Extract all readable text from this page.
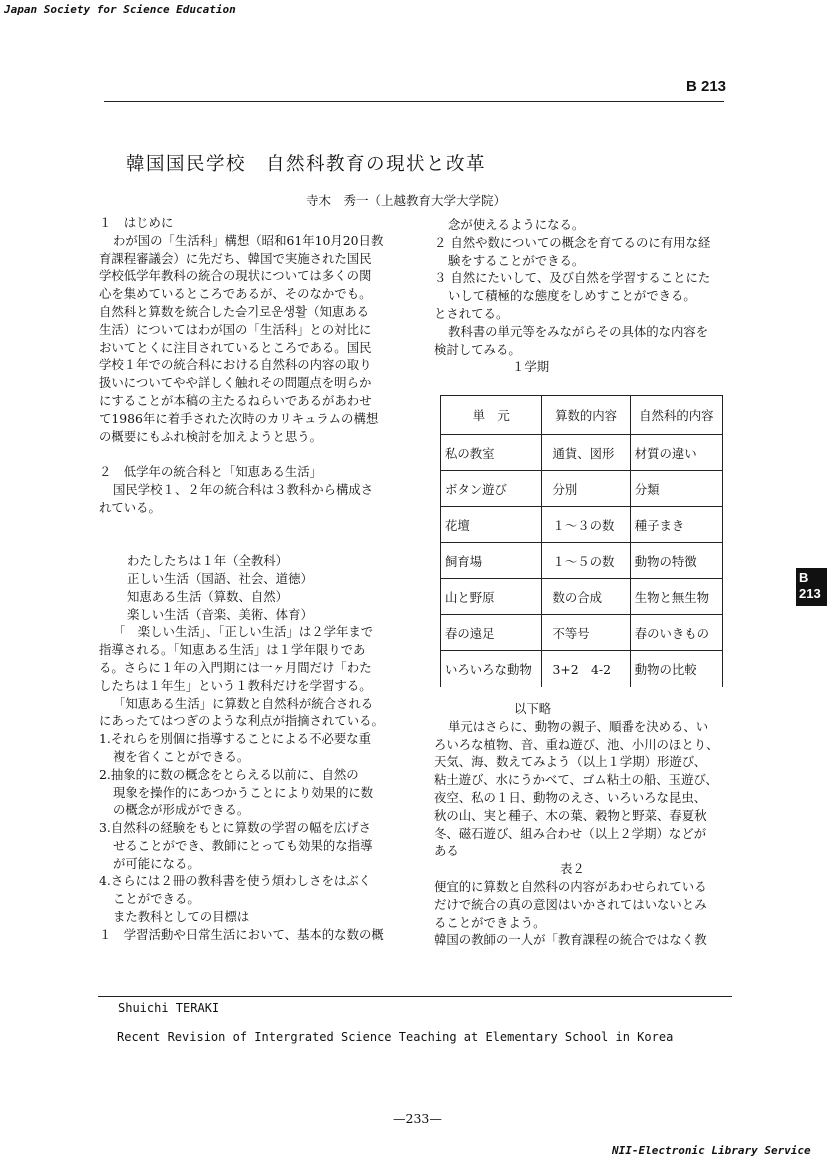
Japan Society for Science Education
B 213
韓国国民学校　自然科教育の現状と改革
寺木　秀一（上越教育大学大学院）

１　はじめに

わが国の「生活科」構想（昭和61年10月20日教

育課程審議会）に先だち、韓国で実施された国民

学校低学年教科の統合の現状については多くの関

心を集めているところであるが、そのなかでも。

自然科と算数を統合した슬기로운생활（知恵ある

生活）についてはわが国の「生活科」との対比に

おいてとくに注目されているところである。国民

学校１年での統合科における自然科の内容の取り

扱いについてやや詳しく触れその問題点を明らか

にすることが本稿の主たるねらいであるがあわせ

て1986年に着手された次時のカリキュラムの構想

の概要にもふれ検討を加えようと思う。

２　低学年の統合科と「知恵ある生活」

国民学校１、２年の統合科は３教科から構成さ

れている。

わたしたちは１年（全教科）

正しい生活（国語、社会、道徳）

知恵ある生活（算数、自然）

楽しい生活（音楽、美術、体育）

「　楽しい生活」、「正しい生活」は２学年まで

指導される。「知恵ある生活」は１学年限りであ

る。さらに１年の入門期には一ヶ月間だけ「わた

したちは１年生」という１教科だけを学習する。

「知恵ある生活」に算数と自然科が統合される

にあったてはつぎのような利点が指摘されている。

1.それらを別個に指導することによる不必要な重

複を省くことができる。

2.抽象的に数の概念をとらえる以前に、自然の

現象を操作的にあつかうことにより効果的に数

の概念が形成ができる。

3.自然科の経験をもとに算数の学習の幅を広げさ

せることができ、教師にとっても効果的な指導

が可能になる。

4.さらには２冊の教科書を使う煩わしさをはぶく

ことができる。

また教科としての目標は

１　学習活動や日常生活において、基本的な数の概

念が使えるようになる。

２ 自然や数についての概念を育てるのに有用な経

験をすることができる。

３ 自然にたいして、及び自然を学習することにた

いして積極的な態度をしめすことができる。

とされてる。

教科書の単元等をみながらその具体的な内容を

検討してみる。

１学期

単　元	算数的内容	自然科的内容
私の教室	通貨、図形	材質の違い
ボタン遊び	分別	分類
花壇	１～３の数	種子まき
飼育場	１～５の数	動物の特徴
山と野原	数の合成	生物と無生物
春の遠足	不等号	春のいきもの
いろいろな動物	3+2　4-2	動物の比較
B
213
Shuichi TERAKI
Recent Revision of Intergrated Science Teaching at Elementary School in Korea
—233—
NII-Electronic Library Service

以下略

単元はさらに、動物の親子、順番を決める、い

ろいろな植物、音、重ね遊び、池、小川のほとり、

天気、海、数えてみよう（以上１学期）形遊び、

粘土遊び、水にうかべて、ゴム粘土の船、玉遊び、

夜空、私の１日、動物のえさ、いろいろな昆虫、

秋の山、実と種子、木の葉、穀物と野菜、春夏秋

冬、磁石遊び、組み合わせ（以上２学期）などが

ある

表２

便宜的に算数と自然科の内容があわせられている

だけで統合の真の意図はいかされてはいないとみ

ることができよう。

韓国の教師の一人が「教育課程の統合ではなく教
